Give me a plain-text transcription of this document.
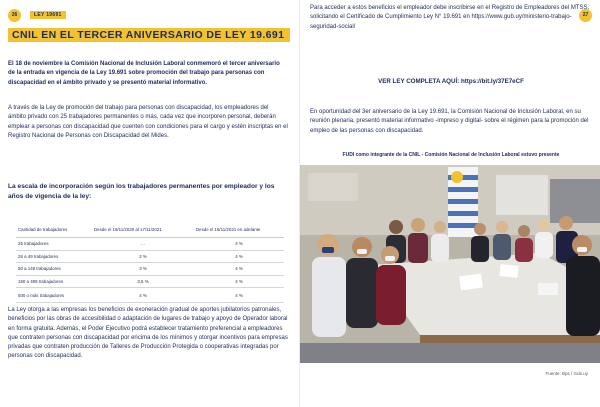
26	LEY 19691
CNIL EN EL TERCER ANIVERSARIO DE LEY 19.691

El 18 de noviembre la Comisión Nacional de Inclusión Laboral conmemoró el tercer aniversario de la entrada en vigencia de la Ley 19.691 sobre promoción del trabajo para personas con discapacidad en el ámbito privado y se presentó material informativo.

A través de la Ley de promoción del trabajo para personas con discapacidad, los empleadores del ámbito privado con 25 trabajadores permanentes o más, cada vez que incorporen personal, deberán emplear a personas con discapacidad que cuenten con condiciones para el cargo y estén inscriptas en el Registro Nacional de Personas con Discapacidad del Mides.

La escala de incorporación según los trabajadores permanentes por empleador y los años de vigencia de la ley:

Cantidad de trabajadores	Desde el 18/11/2020 al 17/11/2021	Desde el 18/11/2021 en adelante
25 trabajadores	...	4 %
26 a 49 trabajadores	2 %	4 %
50 a 149 trabajadores	3 %	4 %
150 a 499 trabajadores	3,5 %	4 %
500 o más trabajadores	4 %	4 %

La Ley otorga a las empresas los beneficios de exoneración gradual de aportes jubilatorios patronales, beneficios por las obras de accesibilidad o adaptación de lugares de trabajo y apoyo de Operador laboral en forma gratuita. Además, el Poder Ejecutivo podrá establecer tratamiento preferencial a empleadores que contraten personas con discapacidad por encima de los mínimos y otorgar incentivos para empresas privadas que contraten producción de Talleres de Producción Protegida o cooperativas integradas por personas con discapacidad.

27

Para acceder a estos beneficios el empleador debe inscribirse en el Registro de Empleadores del MTSS, solicitando el Certificado de Cumplimiento Ley N° 19.691 en https://www.gub.uy/ministerio-trabajo-seguridad-social/

VER LEY COMPLETA AQUÍ: https://bit.ly/37E7eCF

En oportunidad del 3er aniversario de la Ley 19.691, la Comisión Nacional de Inclusión Laboral, en su reunión plenaria, presentó material informativo -impreso y digital- sobre el régimen para la promoción del empleo de las personas con discapacidad.

FUDI como integrante de la CNIL - Comisión Nacional de Inclusión Laboral estuvo presente

Fuente: Bps / Gub.uy
